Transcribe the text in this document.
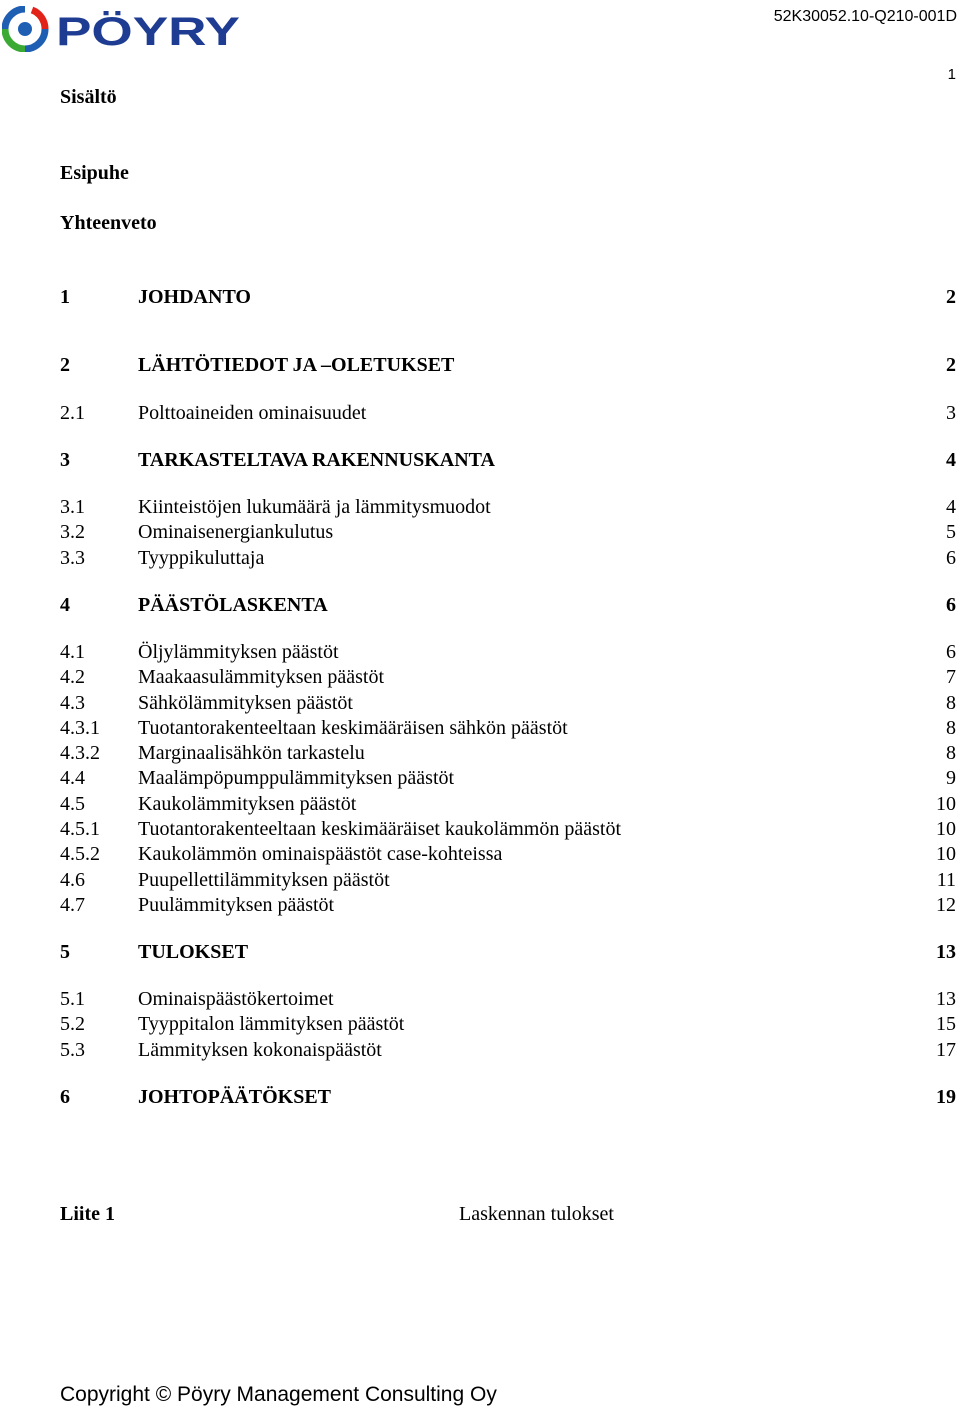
PÖYRY	52K30052.10-Q210-001D
1
Sisältö
Esipuhe
Yhteenveto
1	JOHDANTO	2
2	LÄHTÖTIEDOT JA –OLETUKSET	2
2.1	Polttoaineiden ominaisuudet	3
3	TARKASTELTAVA RAKENNUSKANTA	4
3.1	Kiinteistöjen lukumäärä ja lämmitysmuodot	4
3.2	Ominaisenergiankulutus	5
3.3	Tyyppikuluttaja	6
4	PÄÄSTÖLASKENTA	6
4.1	Öljylämmityksen päästöt	6
4.2	Maakaasulämmityksen päästöt	7
4.3	Sähkölämmityksen päästöt	8
4.3.1 Tuotantorakenteeltaan keskimääräisen sähkön päästöt	8
4.3.2 Marginaalisähkön tarkastelu	8
4.4	Maalämpöpumppulämmityksen päästöt	9
4.5	Kaukolämmityksen päästöt	10
4.5.1 Tuotantorakenteeltaan keskimääräiset kaukolämmön päästöt	10
4.5.2 Kaukolämmön ominaispäästöt case-kohteissa	10
4.6	Puupellettilämmityksen päästöt	11
4.7	Puulämmityksen päästöt	12
5	TULOKSET	13
5.1	Ominaispäästökertoimet	13
5.2	Tyyppitalon lämmityksen päästöt	15
5.3	Lämmityksen kokonaispäästöt	17
6	JOHTOPÄÄTÖKSET	19
Liite 1	Laskennan tulokset
Copyright © Pöyry Management Consulting Oy
